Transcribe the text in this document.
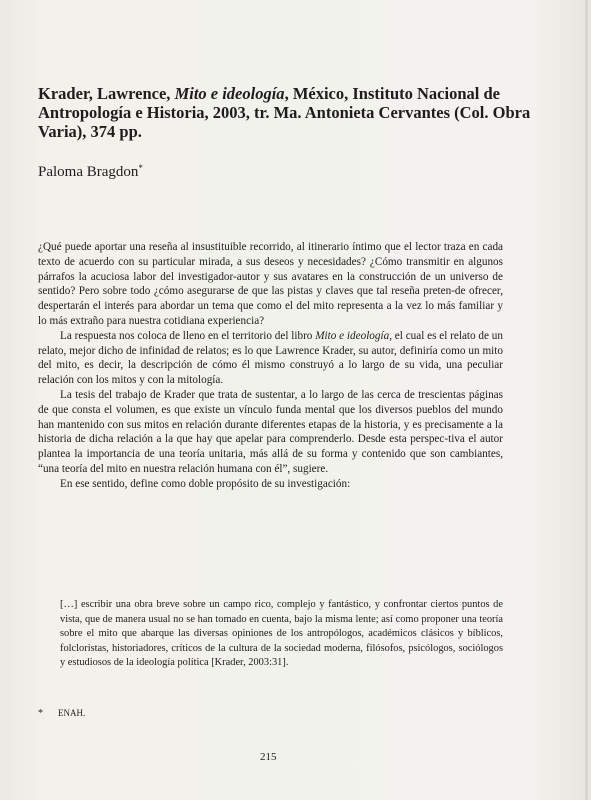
Krader, Lawrence, Mito e ideología, México, Instituto Nacional de Antropología e Historia, 2003, tr. Ma. Antonieta Cervantes (Col. Obra Varia), 374 pp.

Paloma Bragdon*

¿Qué puede aportar una reseña al insustituible recorrido, al itinerario íntimo que el lector traza en cada texto de acuerdo con su particular mirada, a sus deseos y necesidades? ¿Cómo transmitir en algunos párrafos la acuciosa labor del investigador-autor y sus avatares en la construcción de un universo de sentido? Pero sobre todo ¿cómo asegurarse de que las pistas y claves que tal reseña preten-de ofrecer, despertarán el interés para abordar un tema que como el del mito representa a la vez lo más familiar y lo más extraño para nuestra cotidiana experiencia?

La respuesta nos coloca de lleno en el territorio del libro Mito e ideología, el cual es el relato de un relato, mejor dicho de infinidad de relatos; es lo que Lawrence Krader, su autor, definiría como un mito del mito, es decir, la descripción de cómo él mismo construyó a lo largo de su vida, una peculiar relación con los mitos y con la mitología.

La tesis del trabajo de Krader que trata de sustentar, a lo largo de las cerca de trescientas páginas de que consta el volumen, es que existe un vínculo funda mental que los diversos pueblos del mundo han mantenido con sus mitos en relación durante diferentes etapas de la historia, y es precisamente a la historia de dicha relación a la que hay que apelar para comprenderlo. Desde esta perspec-tiva el autor plantea la importancia de una teoría unitaria, más allá de su forma y contenido que son cambiantes, “una teoría del mito en nuestra relación humana con él”, sugiere.

En ese sentido, define como doble propósito de su investigación:

[…] escribir una obra breve sobre un campo rico, complejo y fantástico, y confrontar ciertos puntos de vista, que de manera usual no se han tomado en cuenta, bajo la misma lente; así como proponer una teoría sobre el mito que abarque las diversas opiniones de los antropólogos, académicos clásicos y bíblicos, folcloristas, historiadores, críticos de la cultura de la sociedad moderna, filósofos, psicólogos, sociólogos y estudiosos de la ideología política [Krader, 2003:31].

* ENAH.

215
